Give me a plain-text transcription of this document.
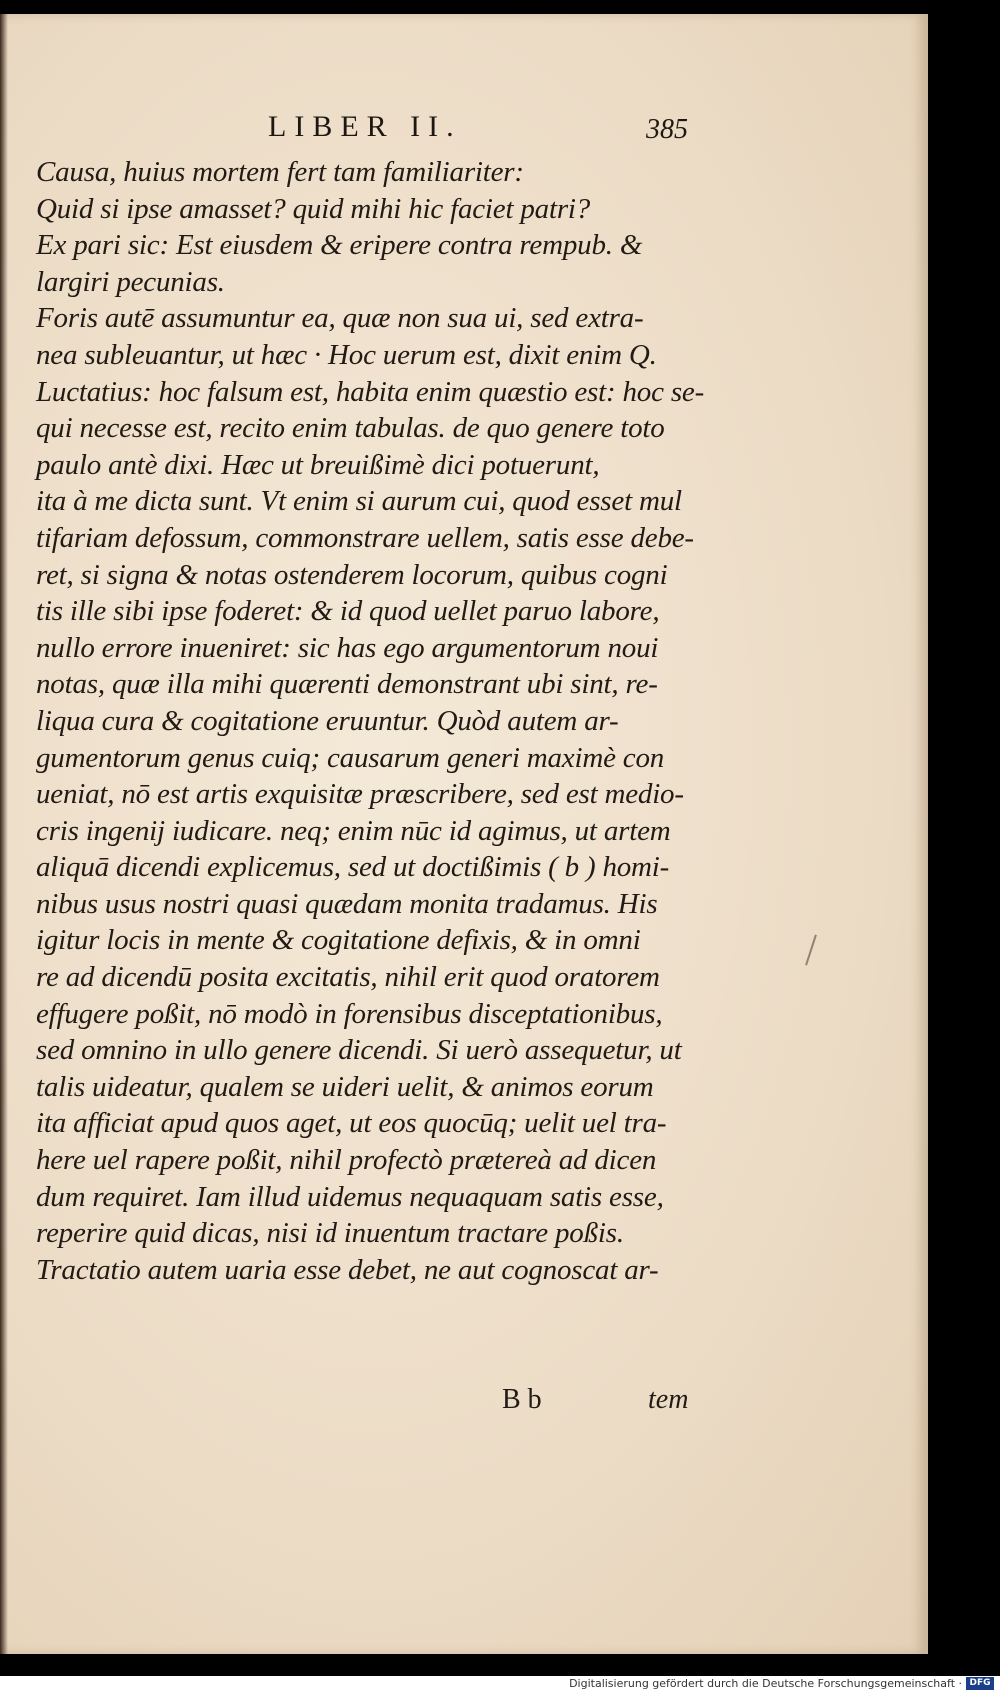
LIBER II.	385
Causa, huius mortem fert tam familiariter:
Quid si ipse amasset? quid mihi hic faciet patri?
Ex pari sic: Est eiusdem & eripere contra rempub. &
largiri pecunias.
Foris autē assumuntur ea, quæ non sua ui, sed extra-
nea subleuantur, ut hæc · Hoc uerum est, dixit enim Q.
Luctatius: hoc falsum est, habita enim quæstio est: hoc se-
qui necesse est, recito enim tabulas. de quo genere toto
paulo antè dixi. Hæc ut breuißimè dici potuerunt,
ita à me dicta sunt. Vt enim si aurum cui, quod esset mul
tifariam defossum, commonstrare uellem, satis esse debe-
ret, si signa & notas ostenderem locorum, quibus cogni
tis ille sibi ipse foderet: & id quod uellet paruo labore,
nullo errore inueniret: sic has ego argumentorum noui
notas, quæ illa mihi quærenti demonstrant ubi sint, re-
liqua cura & cogitatione eruuntur. Quòd autem ar-
gumentorum genus cuiq; causarum generi maximè con
ueniat, nō est artis exquisitæ præscribere, sed est medio-
cris ingenij iudicare. neq; enim nūc id agimus, ut artem
aliquā dicendi explicemus, sed ut doctißimis ( b ) homi-
nibus usus nostri quasi quædam monita tradamus. His
igitur locis in mente & cogitatione defixis, & in omni
re ad dicendū posita excitatis, nihil erit quod oratorem
effugere poßit, nō modò in forensibus disceptationibus,
sed omnino in ullo genere dicendi. Si uerò assequetur, ut
talis uideatur, qualem se uideri uelit, & animos eorum
ita afficiat apud quos aget, ut eos quocūq; uelit uel tra-
here uel rapere poßit, nihil profectò prætereà ad dicen
dum requiret. Iam illud uidemus nequaquam satis esse,
reperire quid dicas, nisi id inuentum tractare poßis.
Tractatio autem uaria esse debet, ne aut cognoscat ar-
B b	tem
Digitalisierung gefördert durch die Deutsche Forschungsgemeinschaft · DFG
